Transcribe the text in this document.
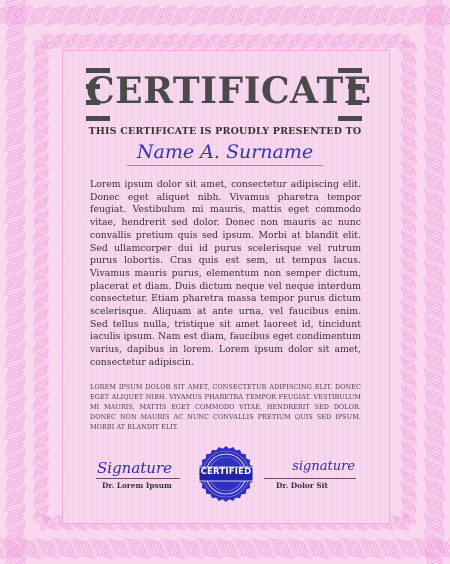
CERTIFICATE
THIS CERTIFICATE IS PROUDLY PRESENTED TO
Name A. Surname
Lorem ipsum dolor sit amet, consectetur adipiscing elit. Donec eget aliquet nibh. Vivamus pharetra tempor feugiat. Vestibulum mi mauris, mattis eget commodo vitae, hendrerit sed dolor. Donec non mauris ac nunc convallis pretium quis sed ipsum. Morbi at blandit elit. Sed ullamcorper dui id purus scelerisque vel rutrum purus lobortis. Cras quis est sem, ut tempus lacus. Vivamus mauris purus, elementum non semper dictum, placerat et diam. Duis dictum neque vel neque interdum consectetur. Etiam pharetra massa tempor purus dictum scelerisque. Aliquam at ante urna, vel faucibus enim. Sed tellus nulla, tristique sit amet laoreet id, tincidunt iaculis ipsum. Nam est diam, faucibus eget condimentum varius, dapibus in lorem. Lorem ipsum dolor sit amet, consectetur adipiscin.
LOREM IPSUM DOLOR SIT AMET, CONSECTETUR ADIPISCING ELIT. DONEC EGET ALIQUET NIBH. VIVAMUS PHARETRA TEMPOR FEUGIAT. VESTIBULUM MI MAURIS, MATTIS EGET COMMODO VITAE, HENDRERIT SED DOLOR. DONEC NON MAURIS AC NUNC CONVALLIS PRETIUM QUIS SED IPSUM. MORBI AT BLANDIT ELIT.
Signature
Dr. Lorem Ipsum
CERTIFIED	signature
Dr. Dolor Sit
